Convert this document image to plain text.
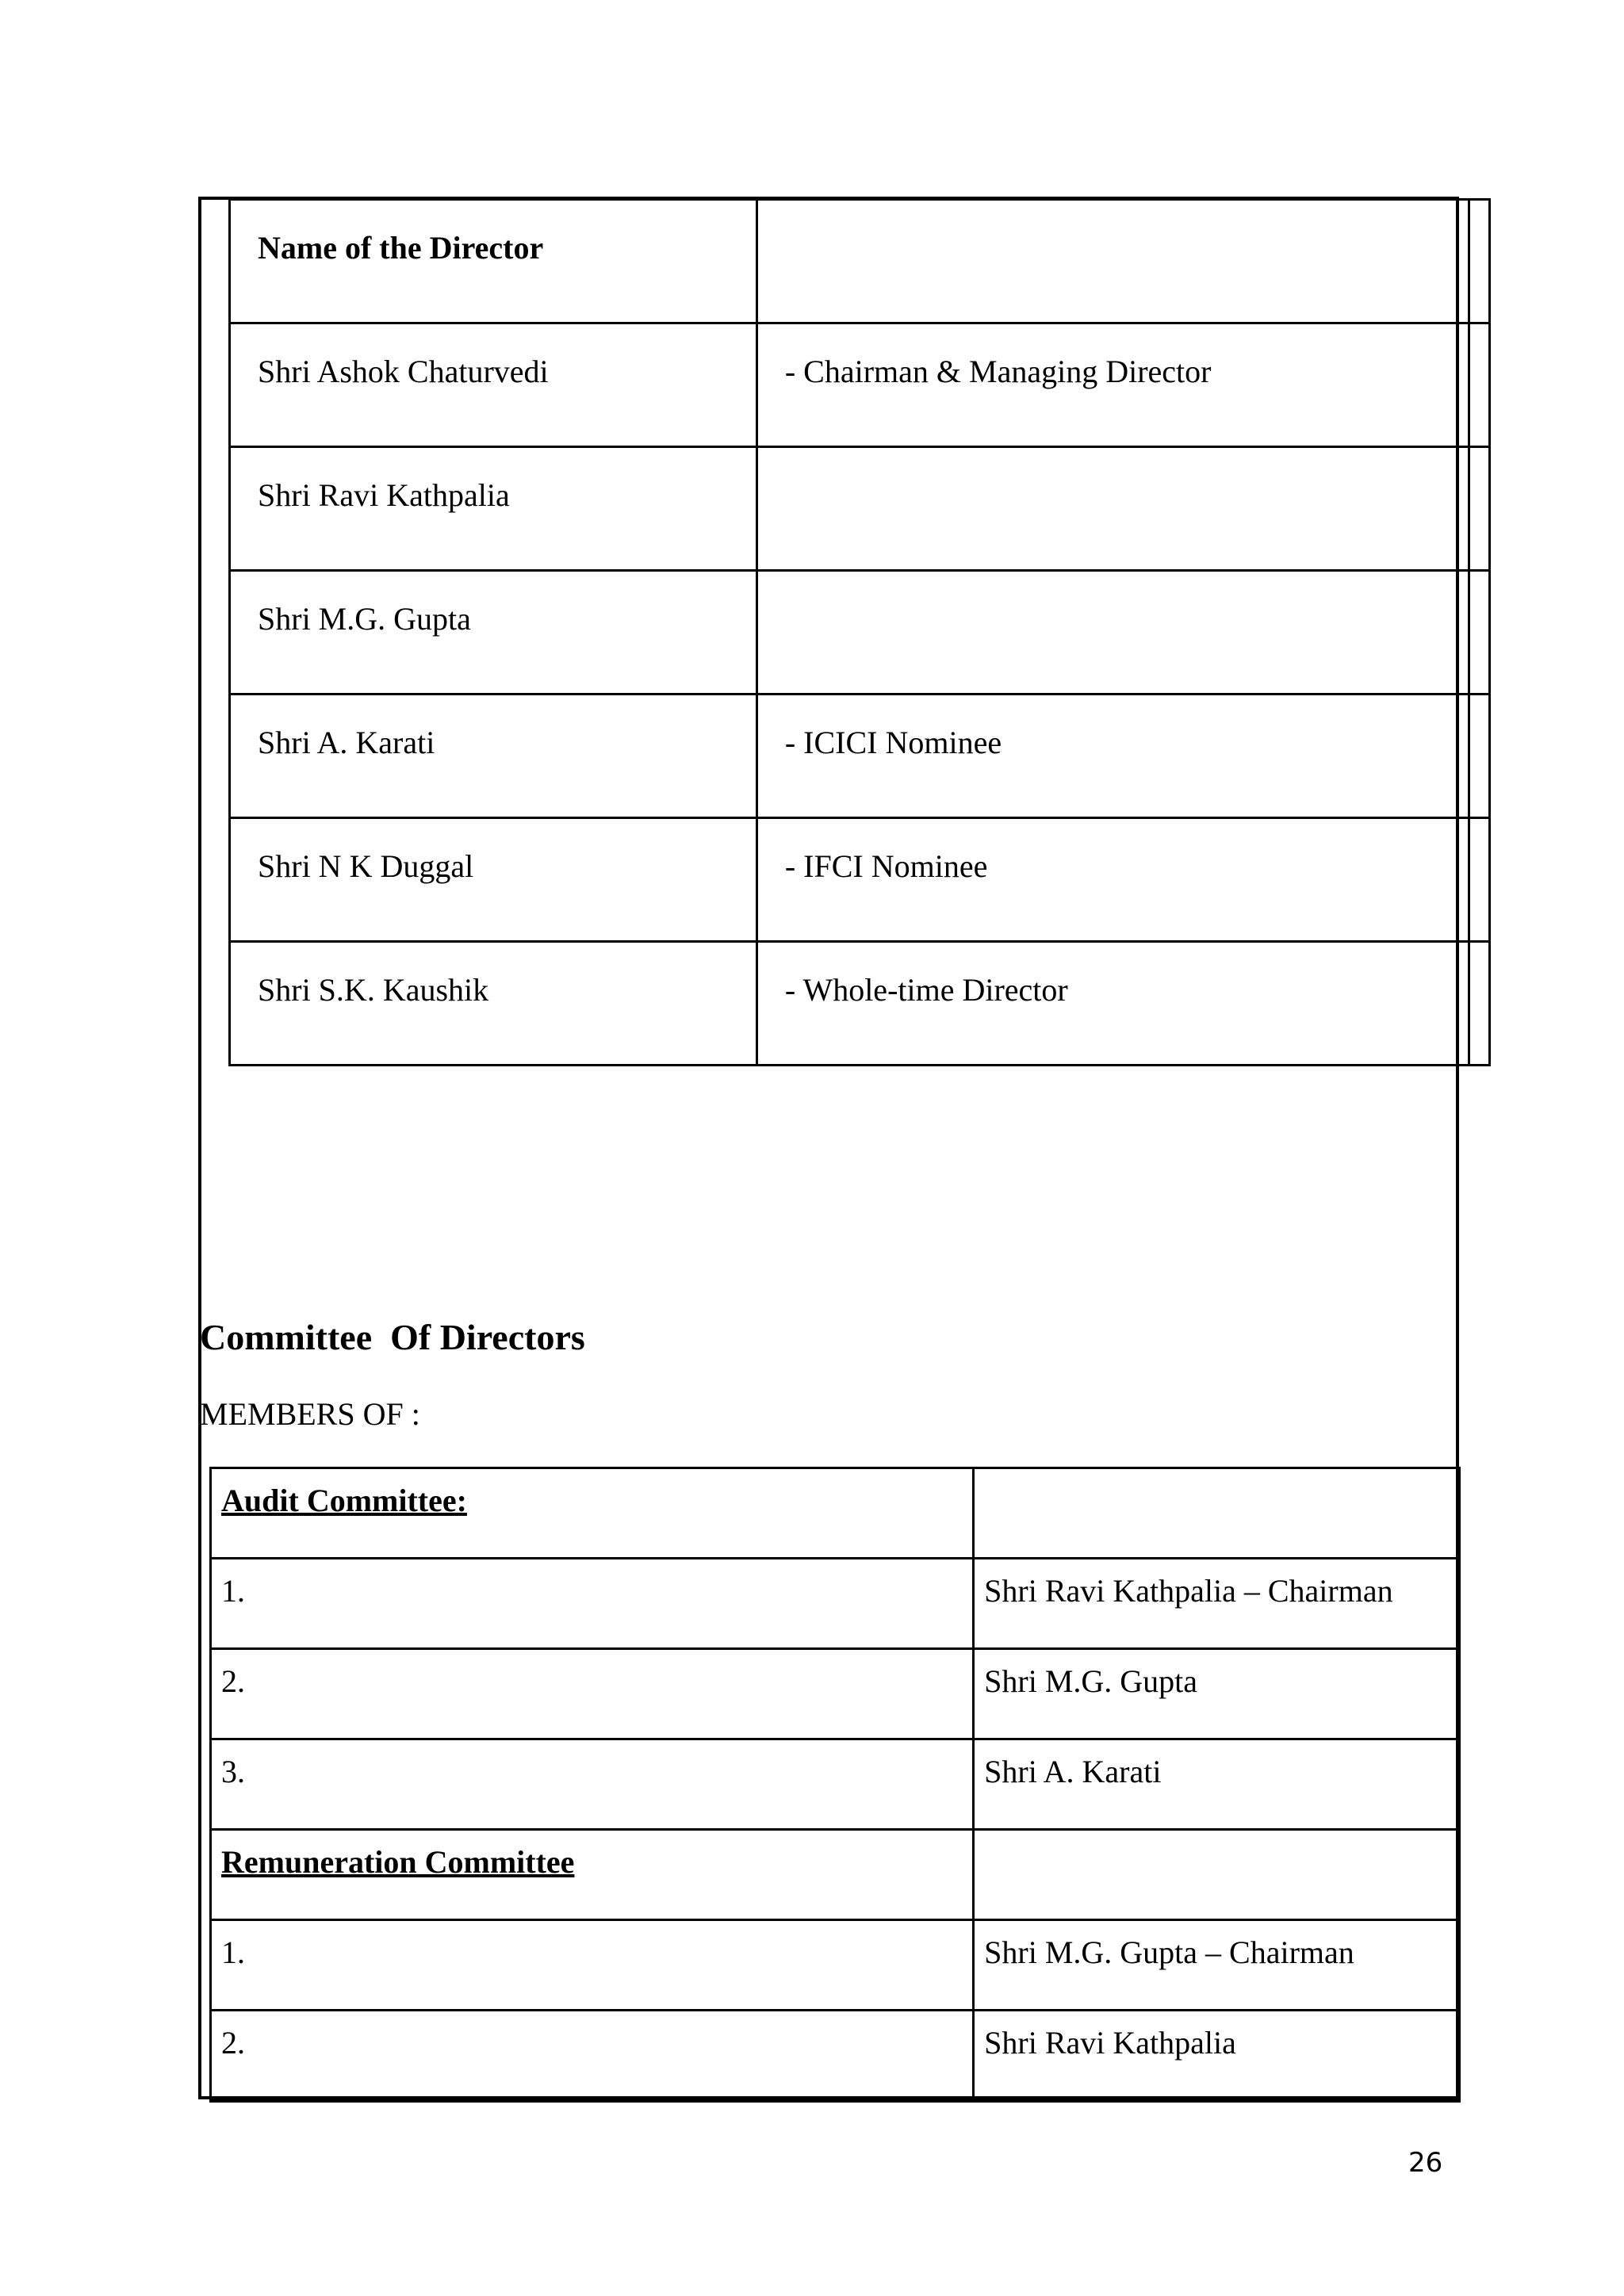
Name of the Director		
Shri Ashok Chaturvedi	- Chairman & Managing Director	
Shri Ravi Kathpalia		
Shri M.G. Gupta		
Shri A. Karati	- ICICI Nominee	
Shri N K Duggal	- IFCI Nominee	
Shri S.K. Kaushik	- Whole-time Director	
Committee  Of Directors
MEMBERS OF :
Audit Committee:	
1.	Shri Ravi Kathpalia – Chairman
2.	Shri M.G. Gupta
3.	Shri A. Karati
Remuneration Committee	
1.	Shri M.G. Gupta – Chairman
2.	Shri Ravi Kathpalia
26
